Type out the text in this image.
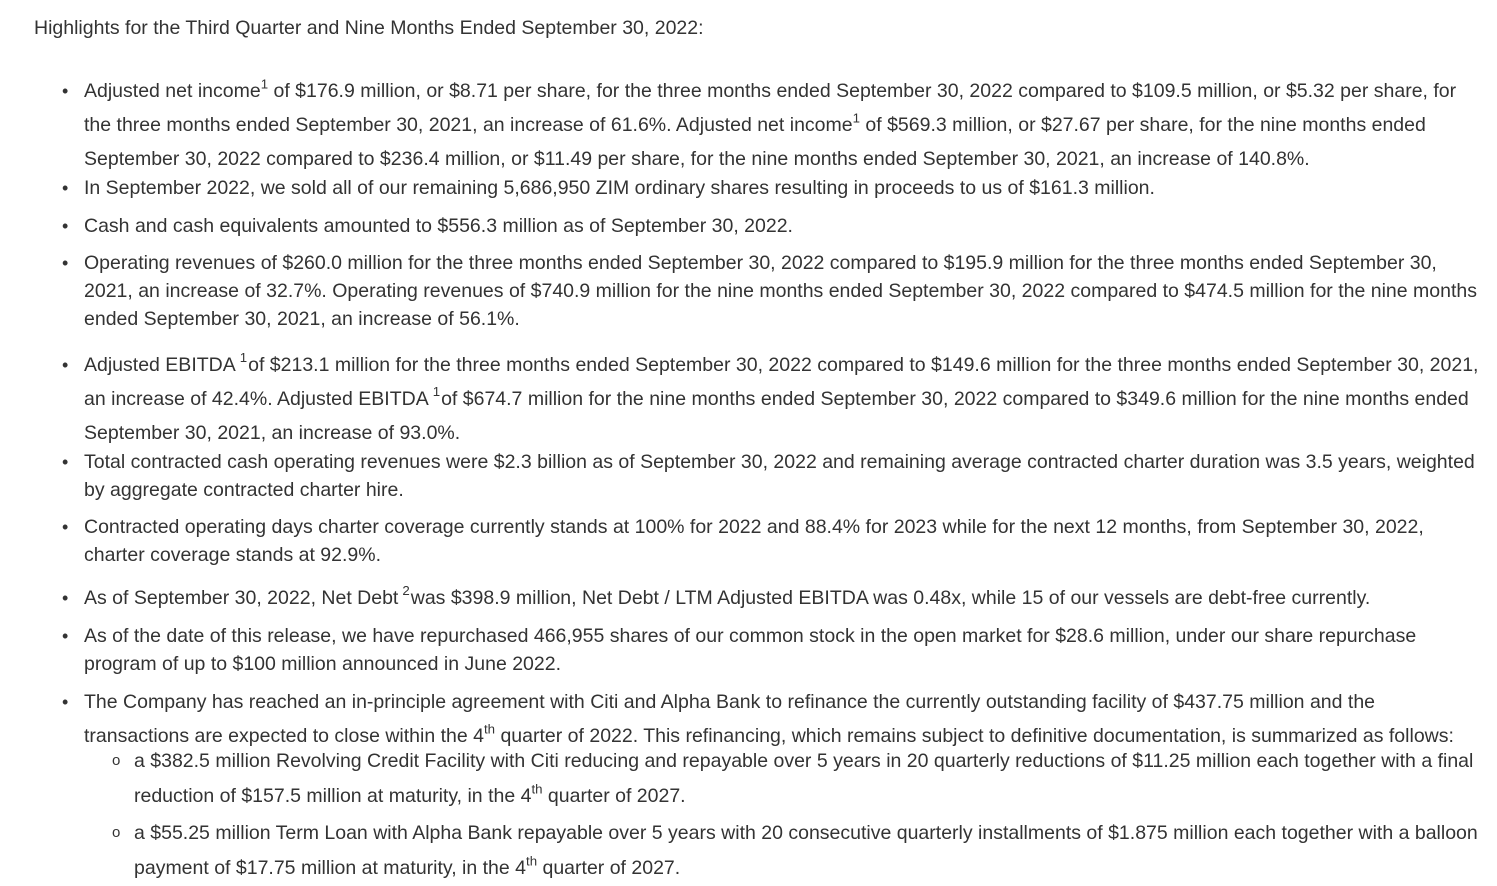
Highlights for the Third Quarter and Nine Months Ended September 30, 2022:
• Adjusted net income$^1$ of $176.9 million, or $8.71 per share, for the three months ended September 30, 2022 compared to $109.5 million, or $5.32 per share, for the three months ended September 30, 2021, an increase of 61.6%. Adjusted net income$^1$ of $569.3 million, or $27.67 per share, for the nine months ended September 30, 2022 compared to $236.4 million, or $11.49 per share, for the nine months ended September 30, 2021, an increase of 140.8%.
• In September 2022, we sold all of our remaining 5,686,950 ZIM ordinary shares resulting in proceeds to us of $161.3 million.
• Cash and cash equivalents amounted to $556.3 million as of September 30, 2022.
• Operating revenues of $260.0 million for the three months ended September 30, 2022 compared to $195.9 million for the three months ended September 30, 2021, an increase of 32.7%. Operating revenues of $740.9 million for the nine months ended September 30, 2022 compared to $474.5 million for the nine months ended September 30, 2021, an increase of 56.1%.
• Adjusted EBITDA $^1$of $213.1 million for the three months ended September 30, 2022 compared to $149.6 million for the three months ended September 30, 2021, an increase of 42.4%. Adjusted EBITDA $^1$of $674.7 million for the nine months ended September 30, 2022 compared to $349.6 million for the nine months ended September 30, 2021, an increase of 93.0%.
• Total contracted cash operating revenues were $2.3 billion as of September 30, 2022 and remaining average contracted charter duration was 3.5 years, weighted by aggregate contracted charter hire.
• Contracted operating days charter coverage currently stands at 100% for 2022 and 88.4% for 2023 while for the next 12 months, from September 30, 2022, charter coverage stands at 92.9%.
• As of September 30, 2022, Net Debt $^2$was $398.9 million, Net Debt / LTM Adjusted EBITDA was 0.48x, while 15 of our vessels are debt-free currently.
• As of the date of this release, we have repurchased 466,955 shares of our common stock in the open market for $28.6 million, under our share repurchase program of up to $100 million announced in June 2022.
• The Company has reached an in-principle agreement with Citi and Alpha Bank to refinance the currently outstanding facility of $437.75 million and the transactions are expected to close within the 4th quarter of 2022. This refinancing, which remains subject to definitive documentation, is summarized as follows:
o a $382.5 million Revolving Credit Facility with Citi reducing and repayable over 5 years in 20 quarterly reductions of $11.25 million each together with a final reduction of $157.5 million at maturity, in the 4th quarter of 2027.
o a $55.25 million Term Loan with Alpha Bank repayable over 5 years with 20 consecutive quarterly installments of $1.875 million each together with a balloon payment of $17.75 million at maturity, in the 4th quarter of 2027.
